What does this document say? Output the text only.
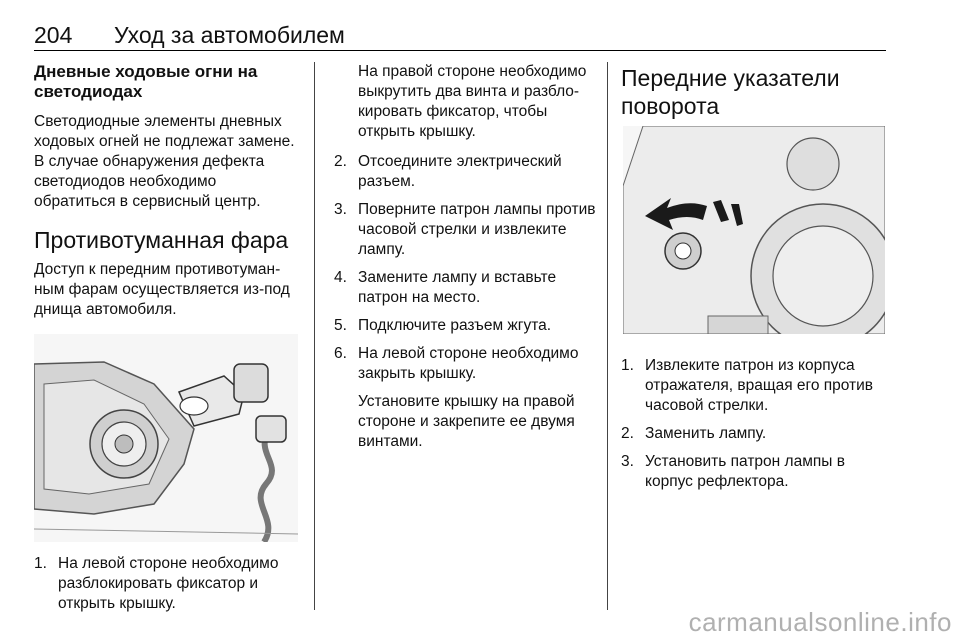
204 Уход за автомобилем
Дневные ходовые огни на светодиодах
Светодиодные элементы дневных ходовых огней не подлежат замене. В случае обнаружения дефекта светодиодов необходимо обратиться в сервисный центр.
Противотуманная фара
Доступ к передним противотуман-ным фарам осуществляется из-под днища автомобиля.
1. На левой стороне необходимо разблокировать фиксатор и открыть крышку.
На правой стороне необходимо выкрутить два винта и разбло-кировать фиксатор, чтобы открыть крышку.
2. Отсоедините электрический разъем.
3. Поверните патрон лампы против часовой стрелки и извлеките лампу.
4. Замените лампу и вставьте патрон на место.
5. Подключите разъем жгута.
6. На левой стороне необходимо закрыть крышку.
Установите крышку на правой стороне и закрепите ее двумя винтами.
Передние указатели поворота
1. Извлеките патрон из корпуса отражателя, вращая его против часовой стрелки.
2. Заменить лампу.
3. Установить патрон лампы в корпус рефлектора.
carmanualsonline.info
